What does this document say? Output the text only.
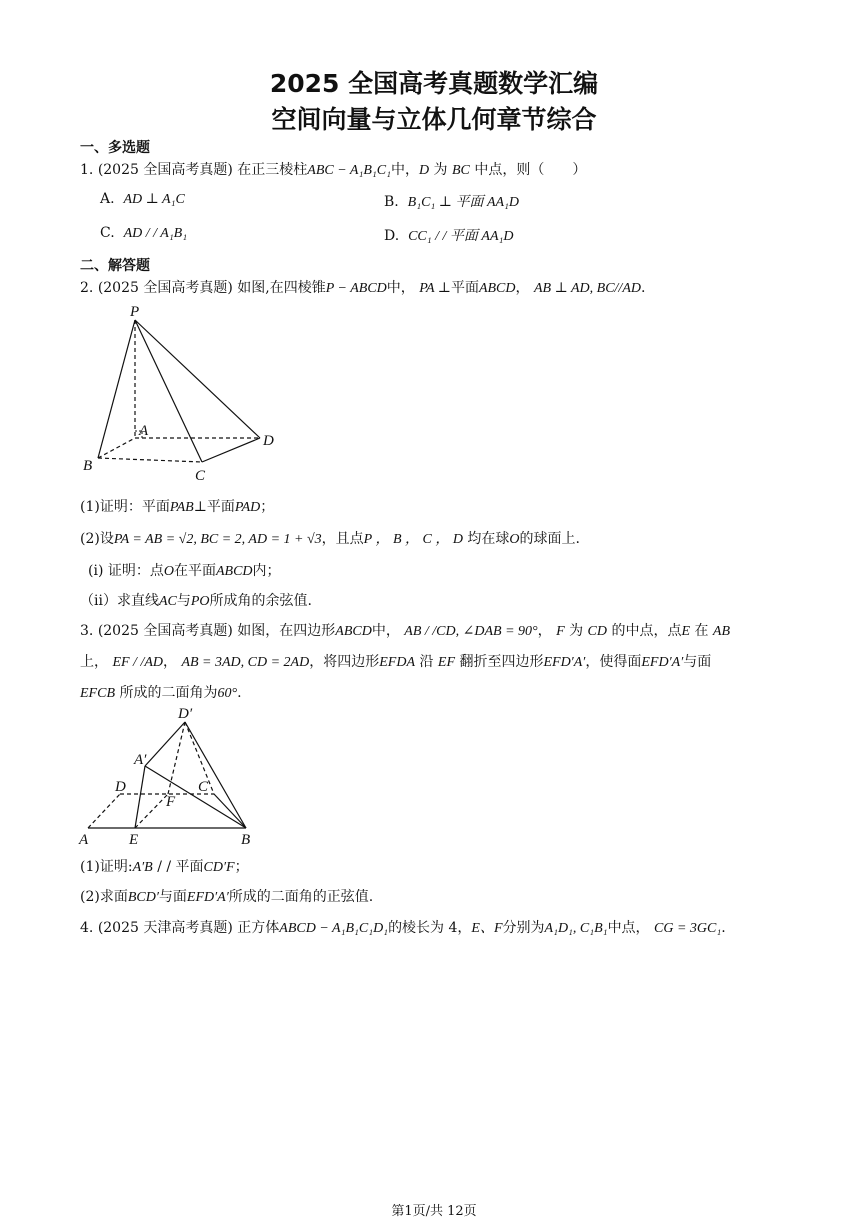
2025 全国高考真题数学汇编
空间向量与立体几何章节综合
一、多选题
1. (2025 全国高考真题) 在正三棱柱ABC − A₁B₁C₁中，D 为 BC 中点，则（　　）
A. AD ⊥ A₁C	B. B₁C₁ ⊥ 平面 AA₁D
C. AD / / A₁B₁	D. CC₁ / / 平面 AA₁D
二、解答题
2. (2025 全国高考真题) 如图,在四棱锥P − ABCD中， PA ⊥平面ABCD， AB ⊥ AD, BC//AD.
P
A
B
C
D
(1)证明：平面PAB⊥平面PAD；
(2)设PA = AB = √2, BC = 2, AD = 1 + √3，且点P ， B ， C ， D 均在球O的球面上.
(i) 证明：点O在平面ABCD内；
（ⅱ）求直线AC与PO所成角的余弦值.
3. (2025 全国高考真题) 如图，在四边形ABCD中， AB / /CD, ∠DAB = 90°， F 为 CD 的中点，点E 在 AB
上， EF / /AD， AB = 3AD, CD = 2AD，将四边形EFDA 沿 EF 翻折至四边形EFD′A′，使得面EFD′A′与面
EFCB 所成的二面角为60°.
D′
A′
D	C
F
A	E	B
(1)证明:A′B / / 平面CD′F；
(2)求面BCD′与面EFD′A′所成的二面角的正弦值.
4. (2025 天津高考真题) 正方体ABCD − A₁B₁C₁D₁的棱长为 4，E、F分别为A₁D₁, C₁B₁中点， CG = 3GC₁.
第1页/共 12页
